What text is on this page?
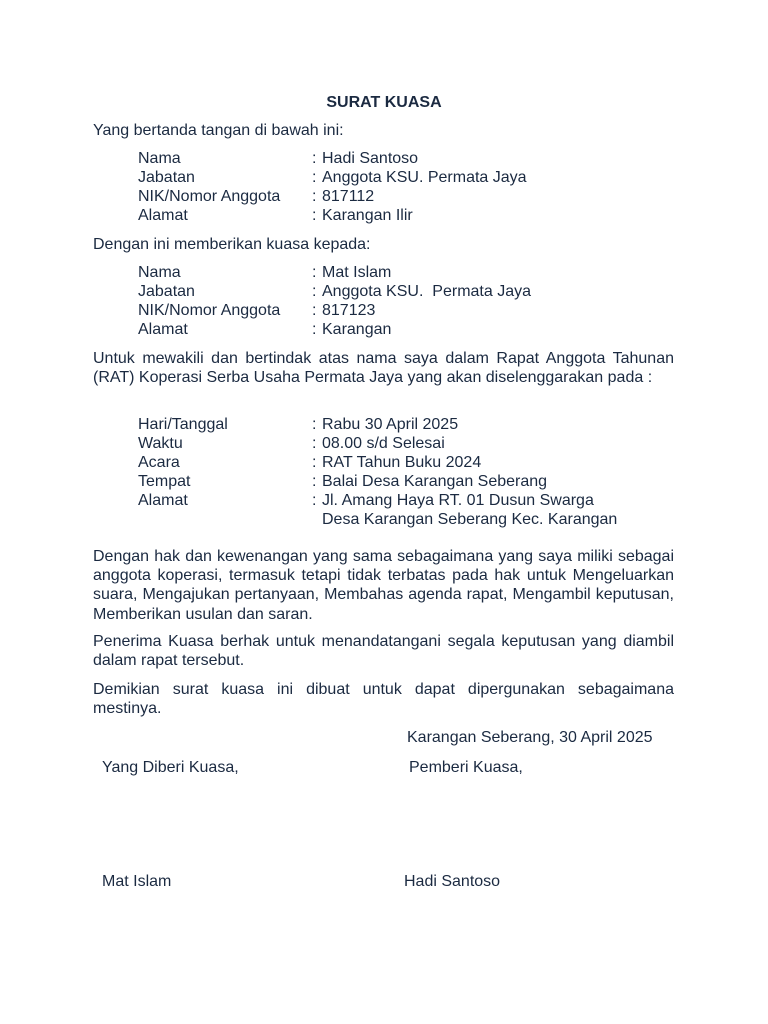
SURAT KUASA
Yang bertanda tangan di bawah ini:
Nama	: Hadi Santoso
Jabatan	: Anggota KSU. Permata Jaya
NIK/Nomor Anggota	: 817112
Alamat	: Karangan Ilir
Dengan ini memberikan kuasa kepada:
Nama	: Mat Islam
Jabatan	: Anggota KSU.  Permata Jaya
NIK/Nomor Anggota	: 817123
Alamat	: Karangan
Untuk mewakili dan bertindak atas nama saya dalam Rapat Anggota Tahunan (RAT) Koperasi Serba Usaha Permata Jaya yang akan diselenggarakan pada :
Hari/Tanggal	: Rabu 30 April 2025
Waktu	: 08.00 s/d Selesai
Acara	: RAT Tahun Buku 2024
Tempat	: Balai Desa Karangan Seberang
Alamat	: Jl. Amang Haya RT. 01 Dusun Swarga
Desa Karangan Seberang Kec. Karangan
Dengan hak dan kewenangan yang sama sebagaimana yang saya miliki sebagai anggota koperasi, termasuk tetapi tidak terbatas pada hak untuk Mengeluarkan suara, Mengajukan pertanyaan, Membahas agenda rapat, Mengambil keputusan, Memberikan usulan dan saran.
Penerima Kuasa berhak untuk menandatangani segala keputusan yang diambil dalam rapat tersebut.
Demikian surat kuasa ini dibuat untuk dapat dipergunakan sebagaimana mestinya.
Karangan Seberang, 30 April 2025
Yang Diberi Kuasa,	Pemberi Kuasa,
Mat Islam	Hadi Santoso
